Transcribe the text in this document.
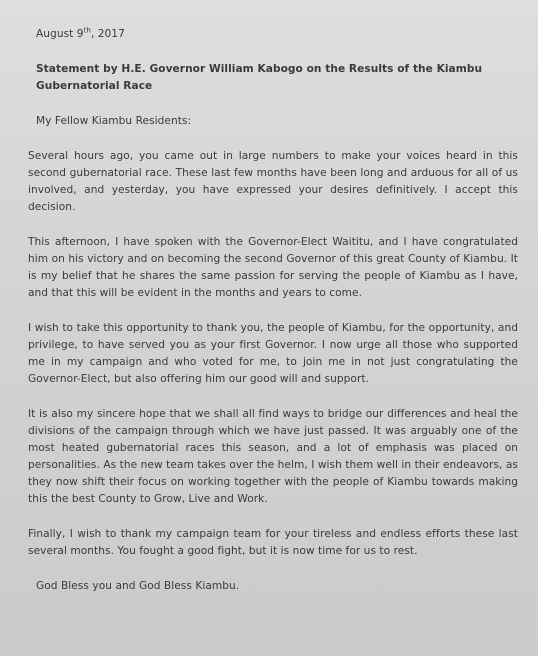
August 9th, 2017
Statement by H.E. Governor William Kabogo on the Results of the Kiambu Gubernatorial Race
My Fellow Kiambu Residents:

Several hours ago, you came out in large numbers to make your voices heard in this second gubernatorial race. These last few months have been long and arduous for all of us involved, and yesterday, you have expressed your desires definitively. I accept this decision.

This afternoon, I have spoken with the Governor-Elect Waititu, and I have congratulated him on his victory and on becoming the second Governor of this great County of Kiambu. It is my belief that he shares the same passion for serving the people of Kiambu as I have, and that this will be evident in the months and years to come.

I wish to take this opportunity to thank you, the people of Kiambu, for the opportunity, and privilege, to have served you as your first Governor. I now urge all those who supported me in my campaign and who voted for me, to join me in not just congratulating the Governor-Elect, but also offering him our good will and support.

It is also my sincere hope that we shall all find ways to bridge our differences and heal the divisions of the campaign through which we have just passed. It was arguably one of the most heated gubernatorial races this season, and a lot of emphasis was placed on personalities. As the new team takes over the helm, I wish them well in their endeavors, as they now shift their focus on working together with the people of Kiambu towards making this the best County to Grow, Live and Work.

Finally, I wish to thank my campaign team for your tireless and endless efforts these last several months. You fought a good fight, but it is now time for us to rest.

God Bless you and God Bless Kiambu.
